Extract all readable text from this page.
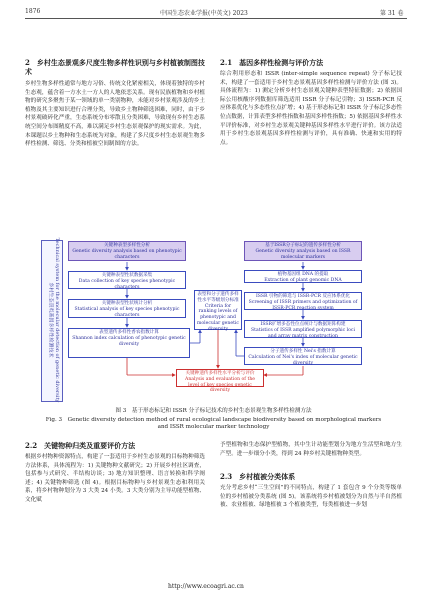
1876	中国生态农业学报(中英文) 2023	第 31 卷
2　乡村生态景观多尺度生物多样性识别与乡村植被制图技术
乡村生物多样性通常与地方习俗、传统文化紧密相关，体现着独特的乡村生态观，蕴含着一方水土一方人的人地依恋关系。现有民族植物和乡村植物的研究多聚焦于某一领域的单一类别物种，未能对乡村景观涉及的乡土植物及其主要知识进行合理分类，导致乡土物种筛选困难，同时，由于乡村景观破碎化严重，生态系统分布零散且分类困难，导致现有乡村生态系统空间分布图精度不高，难以满足乡村生态景观保护的现实需求。为此，本课题以乡土物种和生态系统为对象，构建了多尺度乡村生态景观生物多样性检测、筛选、分类和植被空间制图的方法。
2.1　基因多样性检测与评价方法
综合利用形态和 ISSR (inter-simple sequence repeat) 分子标记技术，构建了一套适用于乡村生态景观基因多样性检测与评价方法 (图 3)。具体流程为：1) 测定分析乡村生态景观关键种表型特征数据；2) 依据国际公用核酸序列数据库筛选适用 ISSR 分子标记引物；3) ISSR-PCR 反应体系优化与多态性位点扩增；4) 基于形态标记和 ISSR 分子标记多态性位点数据，计算表型多样性指数和基因多样性指数；5) 依据基因多样性水平评价标准，对乡村生态景观关键种基因多样性水平进行评价。该方法适用于乡村生态景观基因多样性检测与评价，具有准确、快速和实用的特点。
乡村生态景观基因多样性检测技术 Technical system for the molecular detection of genetic diversity	关键种表型多样性分析
Genetic diversity analysis based on phenotypic characters
关键种表型性状数据采集
Data collection of key species phenotypic characters
关键种表型性状统计分析
Statistical analysis of key species phenotypic characters
表型遗传多样性香农指数计算
Shannon index calculation of phenotypic genetic diversity
表型和分子遗传多样性水平等级划分标准
Criteria for ranking levels of phenotypic and molecular genetic diversity
基于ISSR分子标记的遗传多样性分析
Genetic diversity analysis based on ISSR molecular markers
植物基因组 DNA 的提取
Extraction of plant genomic DNA
ISSR 引物的筛选与 ISSR-PCR 反应体系优化
Screening of ISSR primers and optimization of ISSR-PCR reaction system
ISSR扩增多态性位点统计与数据矩阵构建
Statistics of ISSR amplified polymorphic loci and array matrix construction
分子遗传多样性 Nei's 指数计算
Calculation of Nei's index of molecular genetic diversity
关键种遗传多样性水平分析与评价
Analysis and evaluation of the level of key species genetic diversity
图 3　基于形态标记和 ISSR 分子标记技术的乡村生态景观生物多样性检测方法
Fig. 3　Genetic diversity detection method of rural ecological landscape biodiversity based on morphological markers and ISSR molecular marker technology
2.2　关键物种归类及重要评价方法
根据乡村物种资源特点，构建了一套适用于乡村生态景观的目标物种筛选方法体系，具体流程为：1) 关键物种文献研究；2) 开展乡村社区调查，包括参与式研究、半结构访谈；3) 地方知识整理、语言转换和科学阐述；4) 关键物种筛选 (图 4)。根据目标物种与乡村景观生态和利用关系，将乡村物种划分为 3 大类 24 小类。3 大类分别为主导功能型植物、文化赋
予型植物和生态保护型植物，其中生计功能型划分为地方生活型和地方生产型。进一步细分小类，得到 24 种乡村关键植物种类型。
2.3　乡村植被分类体系
充分考虑乡村“三生空间”的不同特点，构建了 1 套包含 9 个分类等级单位的乡村植被分类系统 (图 5)。该系统将乡村植被划分为自然与半自然植被、农业植被、绿地植被 3 个植被类型，每类植被进一步划
http://www.ecoagri.ac.cn
